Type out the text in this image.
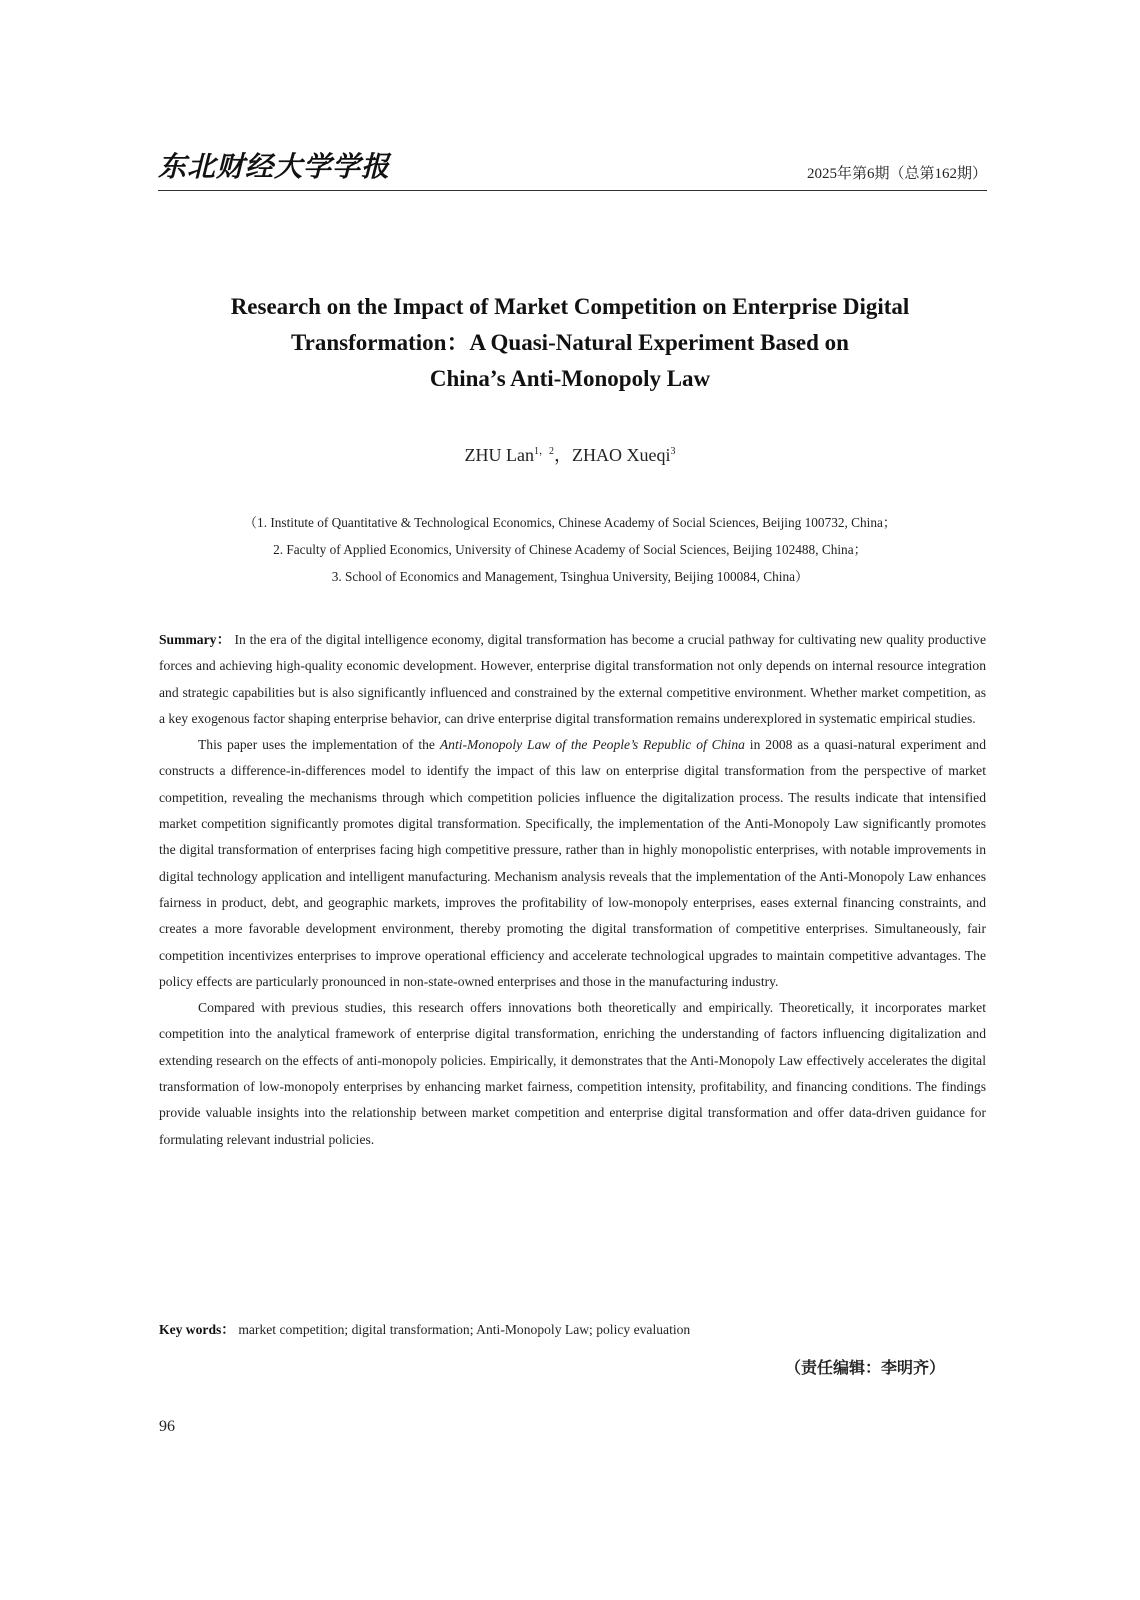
东北财经大学学报	2025年第6期（总第162期）
Research on the Impact of Market Competition on Enterprise Digital
Transformation：A Quasi-Natural Experiment Based on
China’s Anti-Monopoly Law
ZHU Lan$^{1,2}$，ZHAO Xueqi$^3$
（1. Institute of Quantitative & Technological Economics, Chinese Academy of Social Sciences, Beijing 100732, China；
2. Faculty of Applied Economics, University of Chinese Academy of Social Sciences, Beijing 102488, China；
3. School of Economics and Management, Tsinghua University, Beijing 100084, China）

Summary： In the era of the digital intelligence economy, digital transformation has become a crucial pathway for cultivating new quality productive forces and achieving high-quality economic development. However, enterprise digital transformation not only depends on internal resource integration and strategic capabilities but is also significantly influenced and constrained by the external competitive environment. Whether market competition, as a key exogenous factor shaping enterprise behavior, can drive enterprise digital transformation remains underexplored in systematic empirical studies.

This paper uses the implementation of the Anti-Monopoly Law of the People’s Republic of China in 2008 as a quasi-natural experiment and constructs a difference-in-differences model to identify the impact of this law on enterprise digital transformation from the perspective of market competition, revealing the mechanisms through which competition policies influence the digitalization process. The results indicate that intensified market competition significantly promotes digital transformation. Specifically, the implementation of the Anti-Monopoly Law significantly promotes the digital transformation of enterprises facing high competitive pressure, rather than in highly monopolistic enterprises, with notable improvements in digital technology application and intelligent manufacturing. Mechanism analysis reveals that the implementation of the Anti-Monopoly Law enhances fairness in product, debt, and geographic markets, improves the profitability of low-monopoly enterprises, eases external financing constraints, and creates a more favorable development environment, thereby promoting the digital transformation of competitive enterprises. Simultaneously, fair competition incentivizes enterprises to improve operational efficiency and accelerate technological upgrades to maintain competitive advantages. The policy effects are particularly pronounced in non-state-owned enterprises and those in the manufacturing industry.

Compared with previous studies, this research offers innovations both theoretically and empirically. Theoretically, it incorporates market competition into the analytical framework of enterprise digital transformation, enriching the understanding of factors influencing digitalization and extending research on the effects of anti-monopoly policies. Empirically, it demonstrates that the Anti-Monopoly Law effectively accelerates the digital transformation of low-monopoly enterprises by enhancing market fairness, competition intensity, profitability, and financing conditions. The findings provide valuable insights into the relationship between market competition and enterprise digital transformation and offer data-driven guidance for formulating relevant industrial policies.

Key words： market competition; digital transformation; Anti-Monopoly Law; policy evaluation
（责任编辑：李明齐）
96
